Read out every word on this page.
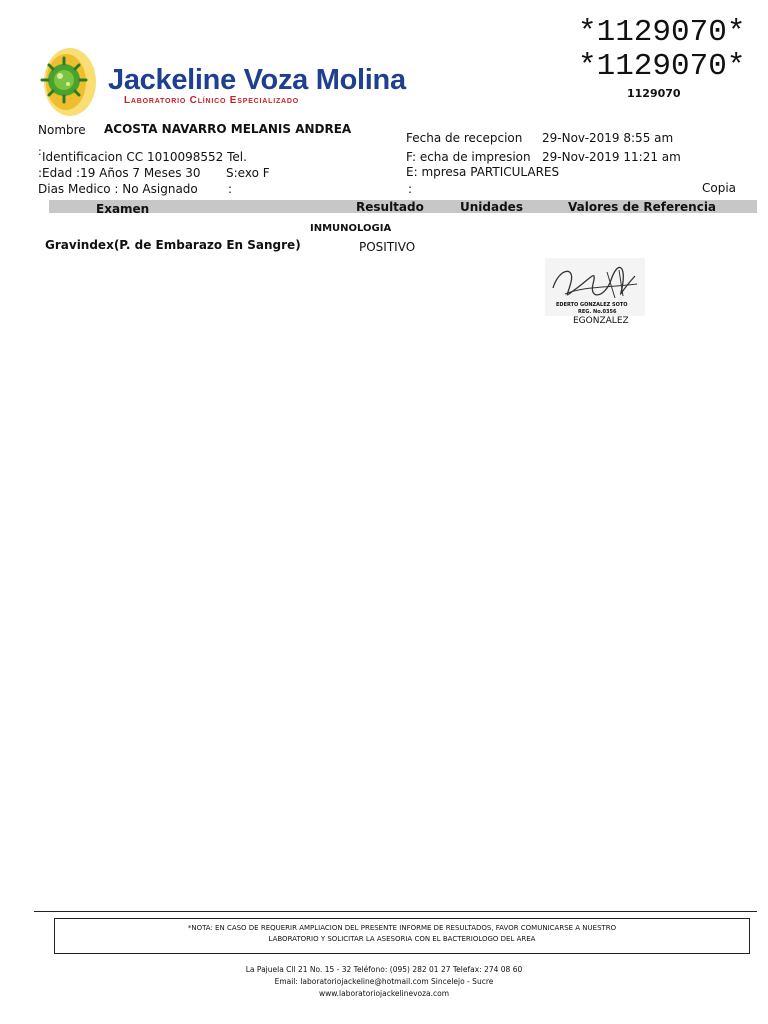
Jackeline Voza Molina
Laboratorio Clínico Especializado
*1129070*
*1129070*
1129070
Nombre ACOSTA NAVARRO MELANIS ANDREA
: Identificacion CC 1010098552 Tel.
:Edad :19 Años 7 Meses 30 S:exo F
Dias Medico : No Asignado	:
Fecha de recepcion 29-Nov-2019 8:55 am
F: echa de impresion 29-Nov-2019 11:21 am
E: mpresa PARTICULARES
:	Copia
Examen	Resultado	Unidades	Valores de Referencia
INMUNOLOGIA
Gravindex(P. de Embarazo En Sangre)	POSITIVO
EDERTO GONZALEZ SOTO
REG. No.0356
EGONZALEZ
*NOTA: EN CASO DE REQUERIR AMPLIACION DEL PRESENTE INFORME DE RESULTADOS, FAVOR COMUNICARSE A NUESTRO
LABORATORIO Y SOLICITAR LA ASESORIA CON EL BACTERIOLOGO DEL AREA
La Pajuela Cll 21 No. 15 - 32 Teléfono: (095) 282 01 27 Telefax: 274 08 60
Email: laboratoriojackeline@hotmail.com Sincelejo - Sucre
www.laboratoriojackelinevoza.com
